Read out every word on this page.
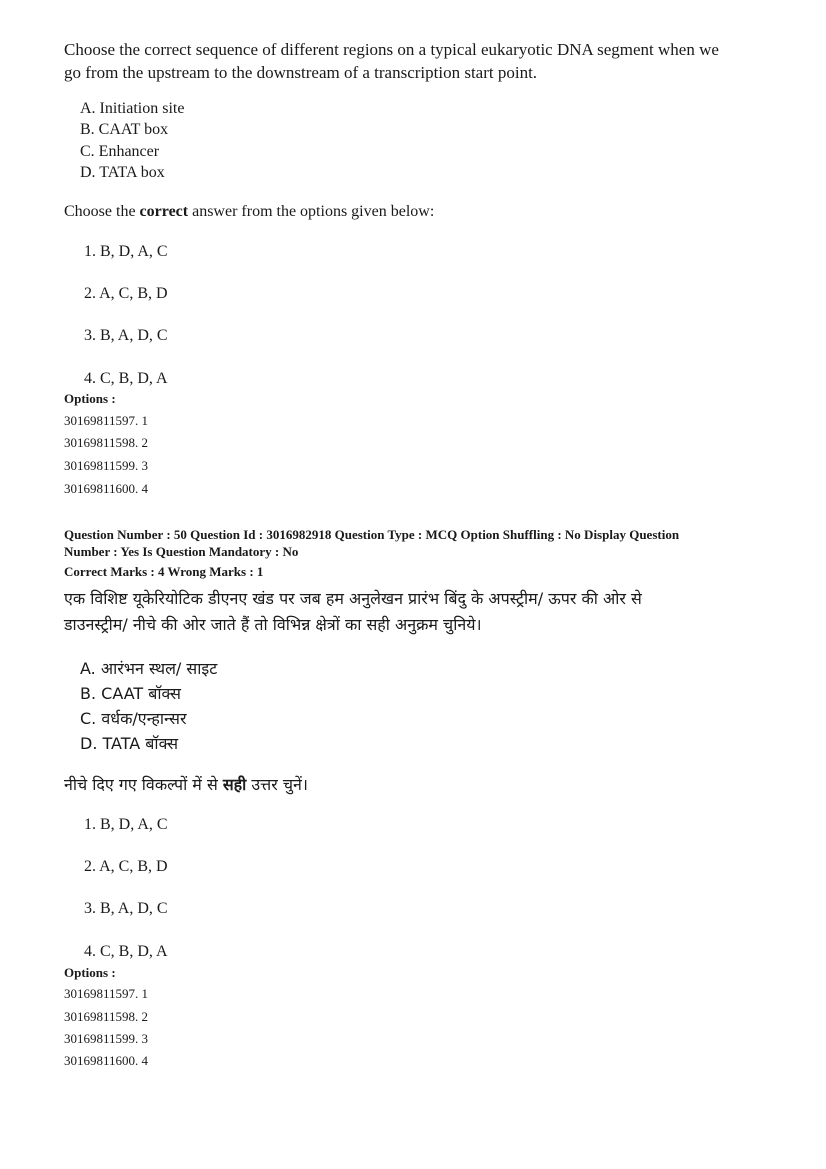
Choose the correct sequence of different regions on a typical eukaryotic DNA segment when we
go from the upstream to the downstream of a transcription start point.
A. Initiation site
B. CAAT box
C. Enhancer
D. TATA box
Choose the correct answer from the options given below:
1. B, D, A, C
2. A, C, B, D
3. B, A, D, C
4. C, B, D, A
Options :
30169811597. 1
30169811598. 2
30169811599. 3
30169811600. 4
Question Number : 50 Question Id : 3016982918 Question Type : MCQ Option Shuffling : No Display Question
Number : Yes Is Question Mandatory : No
Correct Marks : 4 Wrong Marks : 1
एक विशिष्ट यूकेरियोटिक डीएनए खंड पर जब हम अनुलेखन प्रारंभ बिंदु के अपस्ट्रीम/ ऊपर की ओर से
डाउनस्ट्रीम/ नीचे की ओर जाते हैं तो विभिन्न क्षेत्रों का सही अनुक्रम चुनिये।
A. आरंभन स्थल/ साइट
B. CAAT बॉक्स
C. वर्धक/एन्हान्सर
D. TATA बॉक्स
नीचे दिए गए विकल्पों में से सही उत्तर चुनें।
1. B, D, A, C
2. A, C, B, D
3. B, A, D, C
4. C, B, D, A
Options :
30169811597. 1
30169811598. 2
30169811599. 3
30169811600. 4
